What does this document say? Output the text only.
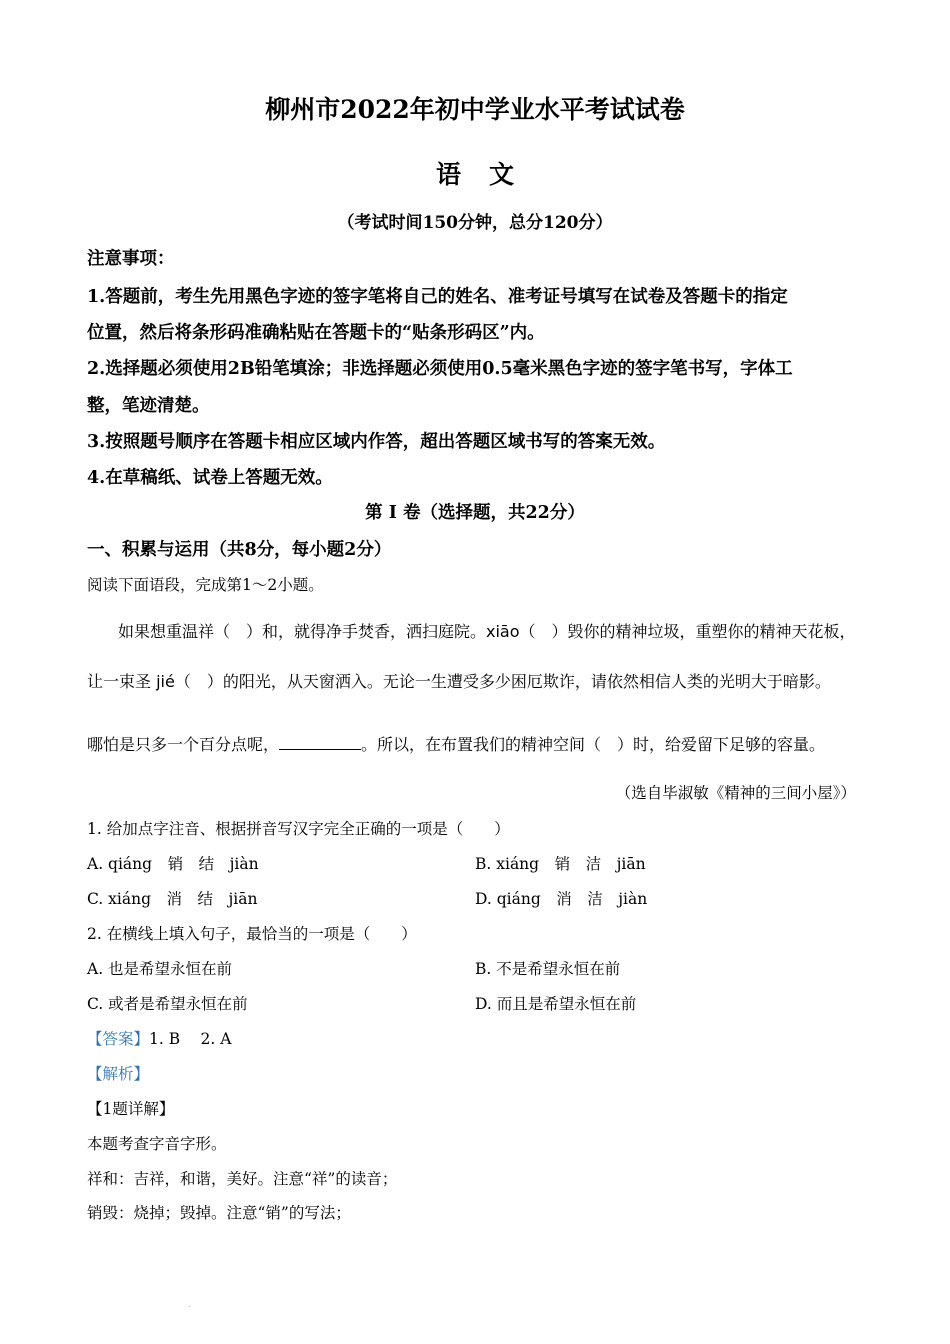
柳州市2022年初中学业水平考试试卷
语文
（考试时间150分钟，总分120分）
注意事项：
1.答题前，考生先用黑色字迹的签字笔将自己的姓名、准考证号填写在试卷及答题卡的指定
位置，然后将条形码准确粘贴在答题卡的“贴条形码区”内。
2.选择题必须使用2B铅笔填涂；非选择题必须使用0.5毫米黑色字迹的签字笔书写，字体工
整，笔迹清楚。
3.按照题号顺序在答题卡相应区域内作答，超出答题区域书写的答案无效。
4.在草稿纸、试卷上答题无效。
第 Ⅰ 卷（选择题，共22分）
一、积累与运用（共8分，每小题2分）
阅读下面语段，完成第1～2小题。
如果想重温祥（　）和，就得净手焚香，洒扫庭院。xiāo（　）毁你的精神垃圾，重塑你的精神天花板，
让一束圣 jié（　）的阳光，从天窗洒入。无论一生遭受多少困厄欺诈，请依然相信人类的光明大于暗影。
哪怕是只多一个百分点呢，	。所以，在布置我们的精神空间（　）时，给爱留下足够的容量。
（选自毕淑敏《精神的三间小屋》）
1. 给加点字注音、根据拼音写汉字完全正确的一项是（　　）
A. qiáng　销　结　jiàn	B. xiáng　销　洁　jiān
C. xiáng　消　结　jiān	D. qiáng　消　洁　jiàn
2. 在横线上填入句子，最恰当的一项是（　　）
A. 也是希望永恒在前	B. 不是希望永恒在前
C. 或者是希望永恒在前	D. 而且是希望永恒在前
【答案】1. B　 2. A
【解析】
【1题详解】
本题考查字音字形。
祥和：吉祥，和谐，美好。注意“祥”的读音；
销毁：烧掉；毁掉。注意“销”的写法；
.
